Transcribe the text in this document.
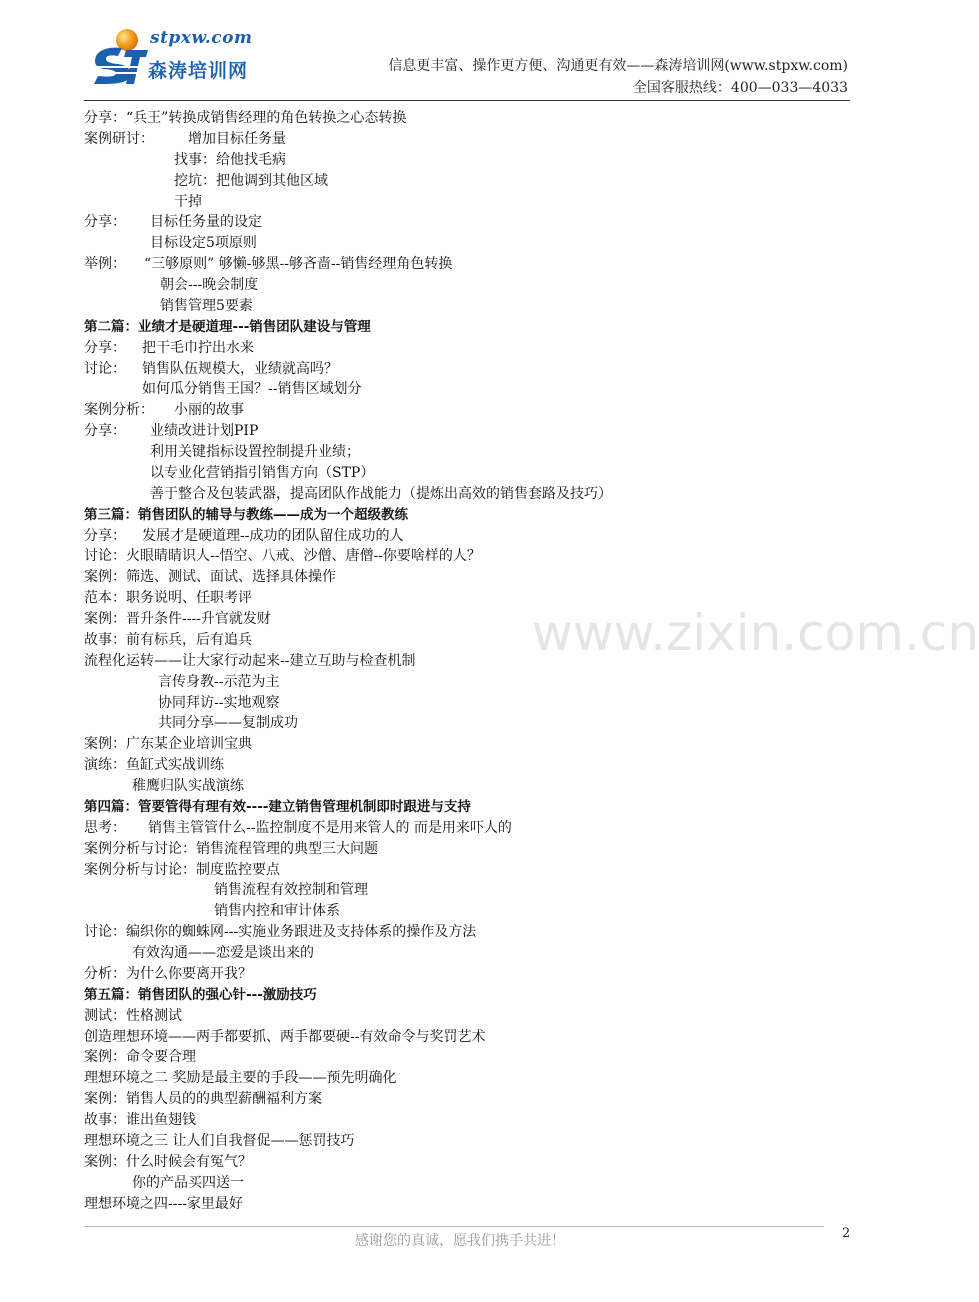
stpxw.com
森涛培训网	信息更丰富、操作更方便、沟通更有效——森涛培训网(www.stpxw.com)
全国客服热线：400—033—4033
分享：“兵王”转换成销售经理的角色转换之心态转换
案例研讨： 增加目标任务量
找事：给他找毛病
挖坑：把他调到其他区域
干掉
分享： 目标任务量的设定
目标设定5项原则
举例： “三够原则” 够懒-够黑--够吝啬--销售经理角色转换
朝会---晚会制度
销售管理5要素
第二篇：业绩才是硬道理---销售团队建设与管理
分享： 把干毛巾拧出水来
讨论： 销售队伍规模大，业绩就高吗？
如何瓜分销售王国？--销售区域划分
案例分析： 小丽的故事
分享： 业绩改进计划PIP
利用关键指标设置控制提升业绩；
以专业化营销指引销售方向（STP）
善于整合及包装武器，提高团队作战能力（提炼出高效的销售套路及技巧）
第三篇：销售团队的辅导与教练——成为一个超级教练
分享： 发展才是硬道理--成功的团队留住成功的人
讨论：火眼睛睛识人--悟空、八戒、沙僧、唐僧--你要啥样的人？
案例：筛选、测试、面试、选择具体操作
范本：职务说明、任职考评
案例：晋升条件----升官就发财
故事：前有标兵，后有追兵
流程化运转——让大家行动起来--建立互助与检查机制
言传身教--示范为主
协同拜访--实地观察
共同分享——复制成功
案例：广东某企业培训宝典
演练：鱼缸式实战训练
稚鹰归队实战演练
第四篇：管要管得有理有效----建立销售管理机制即时跟进与支持
思考： 销售主管管什么--监控制度不是用来管人的 而是用来吓人的
案例分析与讨论：销售流程管理的典型三大问题
案例分析与讨论：制度监控要点
销售流程有效控制和管理
销售内控和审计体系
讨论：编织你的蜘蛛网---实施业务跟进及支持体系的操作及方法
有效沟通——恋爱是谈出来的
分析：为什么你要离开我？
第五篇：销售团队的强心针---激励技巧
测试：性格测试
创造理想环境——两手都要抓、两手都要硬--有效命令与奖罚艺术
案例：命令要合理
理想环境之二 奖励是最主要的手段——预先明确化
案例：销售人员的的典型薪酬福利方案
故事：谁出鱼翅钱
理想环境之三 让人们自我督促——惩罚技巧
案例：什么时候会有冤气？
你的产品买四送一
理想环境之四----家里最好
www.zixin.com.cn
感谢您的真诚，愿我们携手共进！	2
